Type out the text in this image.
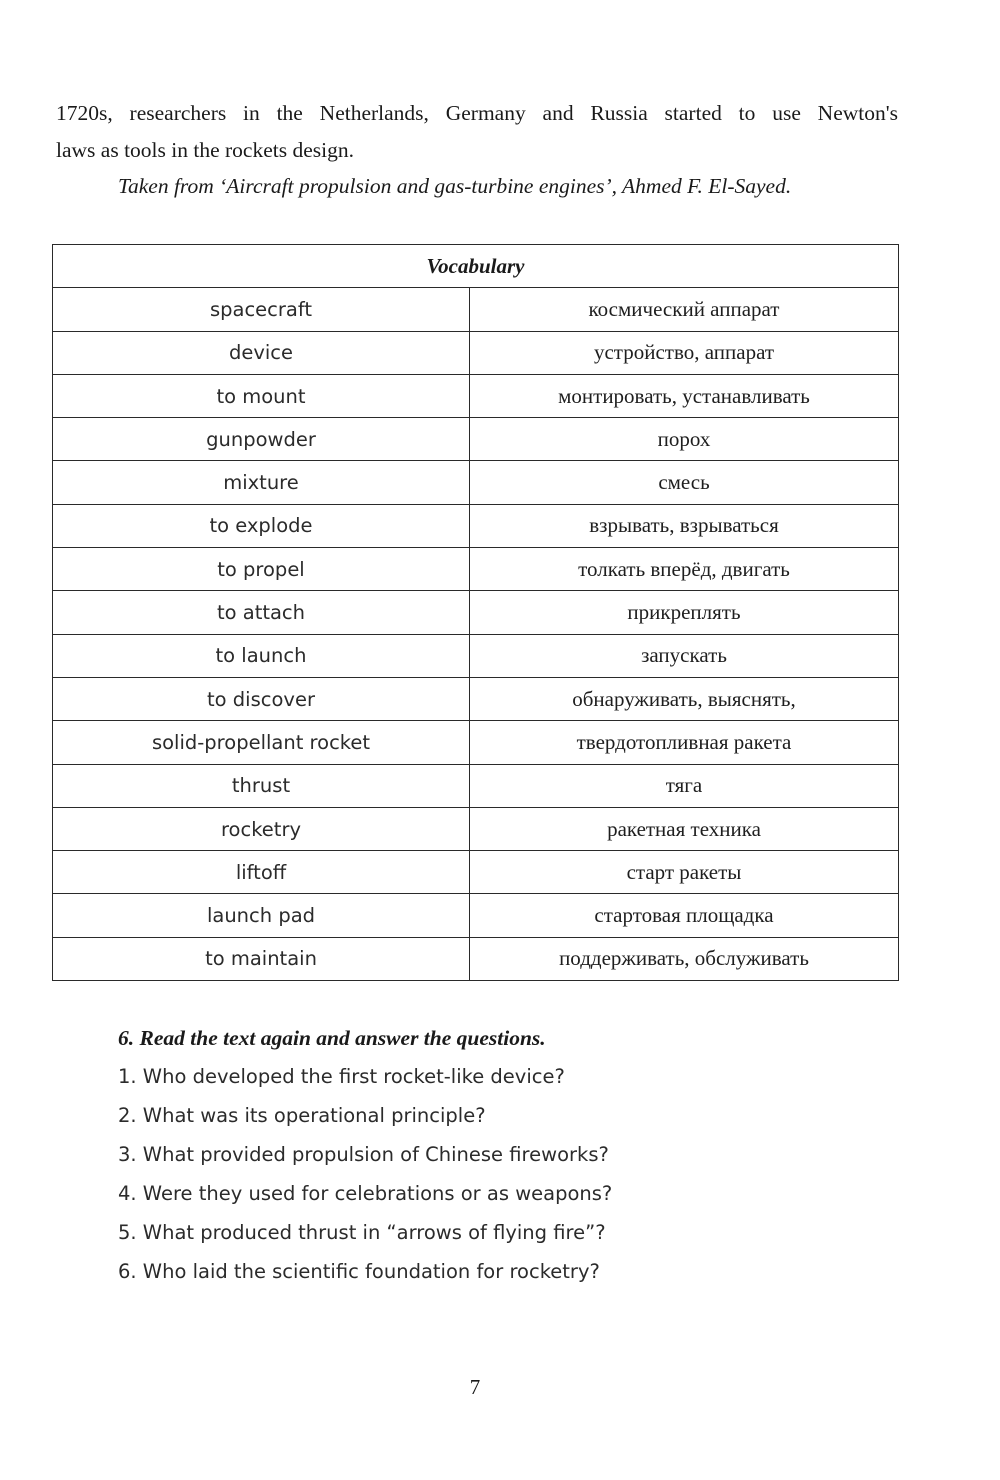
1720s, researchers in the Netherlands, Germany and Russia started to use Newton's
laws as tools in the rockets design.

Taken from ‘Aircraft propulsion and gas-turbine engines’, Ahmed F. El-Sayed.

Vocabulary	
spacecraft	космический аппарат
device	устройство, аппарат
to mount	монтировать, устанавливать
gunpowder	порох
mixture	смесь
to explode	взрывать, взрываться
to propel	толкать вперёд, двигать
to attach	прикреплять
to launch	запускать
to discover	обнаруживать, выяснять,
solid-propellant rocket	твердотопливная ракета
thrust	тяга
rocketry	ракетная техника
liftoff	старт ракеты
launch pad	стартовая площадка
to maintain	поддерживать, обслуживать

6. Read the text again and answer the questions.

1. Who developed the first rocket-like device?
2. What was its operational principle?
3. What provided propulsion of Chinese fireworks?
4. Were they used for celebrations or as weapons?
5. What produced thrust in “arrows of flying fire”?
6. Who laid the scientific foundation for rocketry?

7
